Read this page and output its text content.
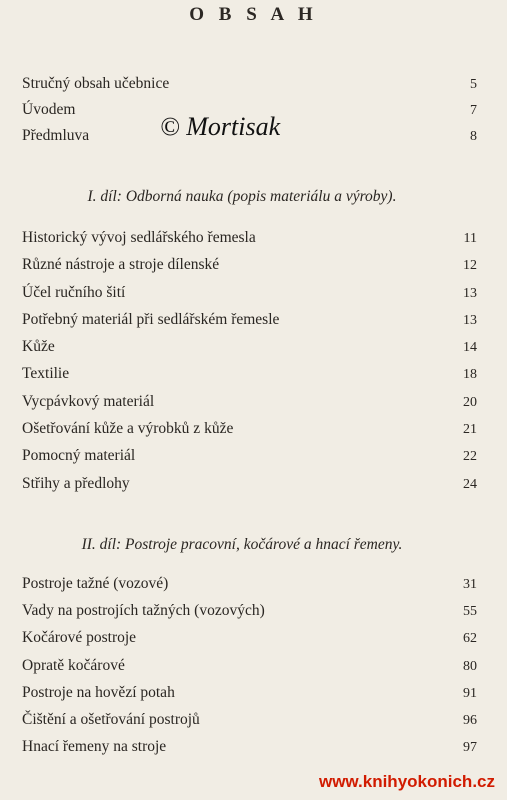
O B S A H
Stručný obsah učebnice	5
Úvodem	7
Předmluva	8
© Mortisak
I. díl: Odborná nauka (popis materiálu a výroby).
Historický vývoj sedlářského řemesla	11
Různé nástroje a stroje dílenské	12
Účel ručního šití	13
Potřebný materiál při sedlářském řemesle	13
Kůže	14
Textilie	18
Vycpávkový materiál	20
Ošetřování kůže a výrobků z kůže	21
Pomocný materiál	22
Střihy a předlohy	24
II. díl: Postroje pracovní, kočárové a hnací řemeny.
Postroje tažné (vozové)	31
Vady na postrojích tažných (vozových)	55
Kočárové postroje	62
Opratě kočárové	80
Postroje na hovězí potah	91
Čištění a ošetřování postrojů	96
Hnací řemeny na stroje	97
www.knihyokonich.cz
